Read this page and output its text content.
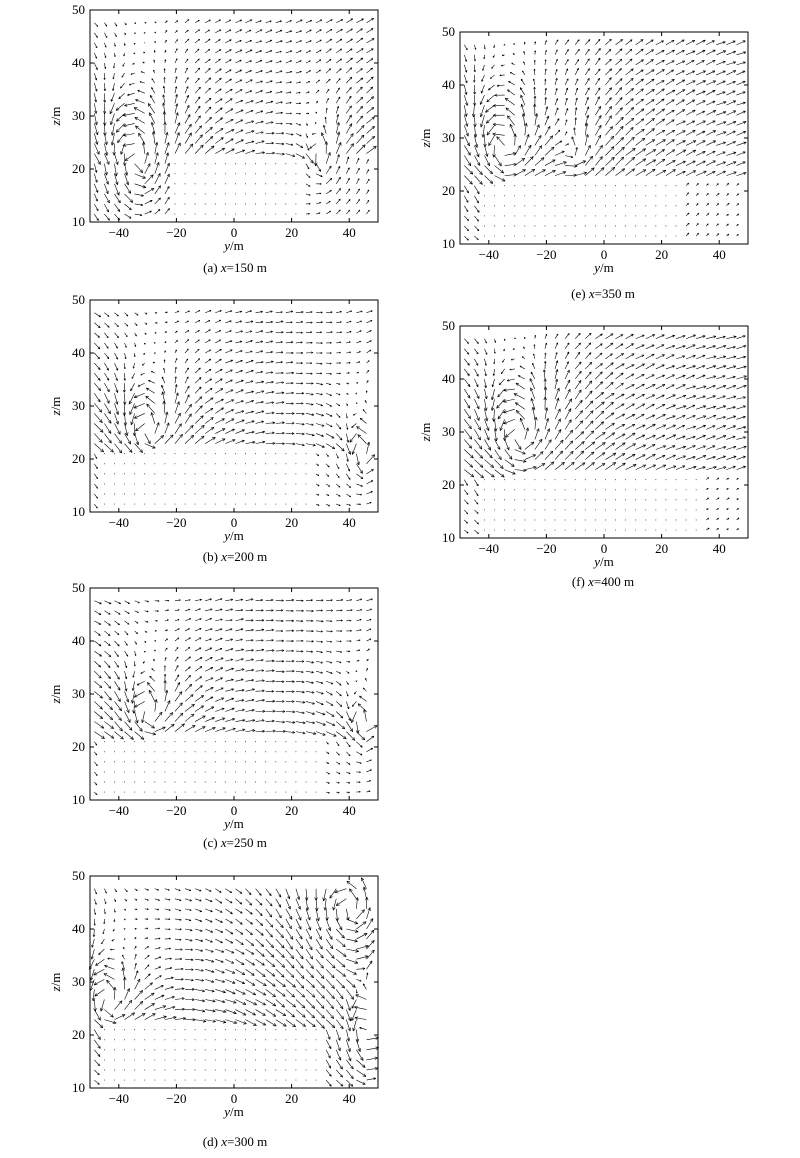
−40	−20	0	20	40
10
20
30
40
50
y/m
z/m
−40	−20	0	20	40
10
20
30
40
50
y/m
z/m
−40	−20	0	20	40
10
20
30
40
50
y/m
z/m
−40	−20	0	20	40
10
20
30
40
50
y/m
z/m
−40	−20	0	20	40
10
20
30
40
50
y/m
z/m
−40	−20	0	20	40
10
20
30
40
50
y/m
z/m
(a) x=150 m
(b) x=200 m
(c) x=250 m
(d) x=300 m
(e) x=350 m
(f) x=400 m
